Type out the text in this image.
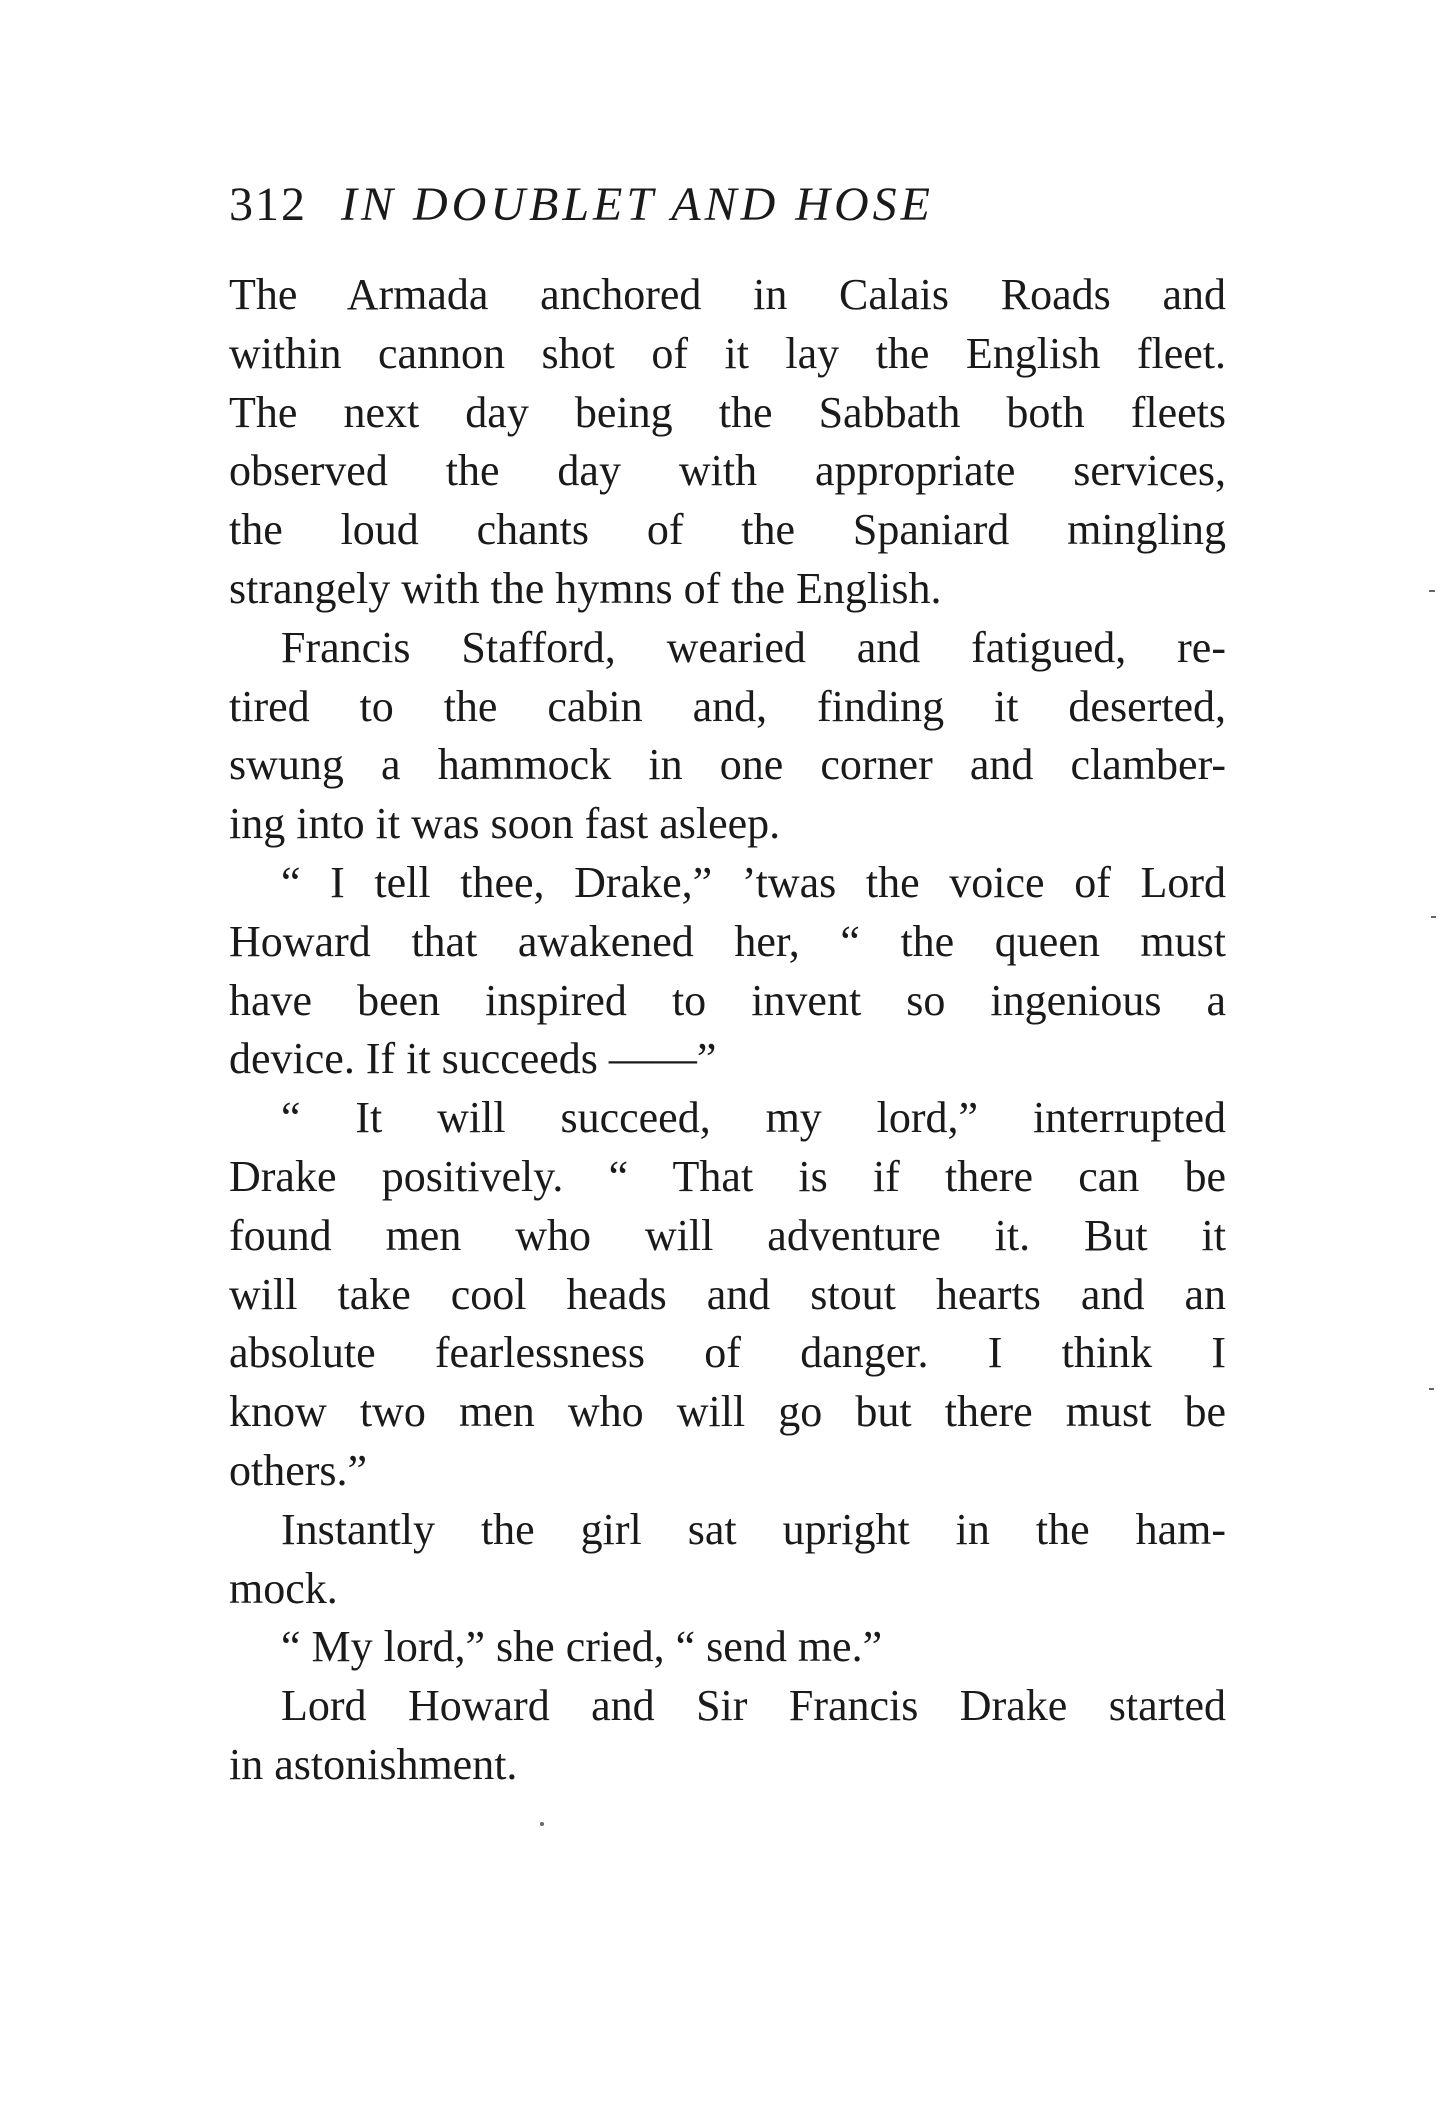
312 IN DOUBLET AND HOSE
The Armada anchored in Calais Roads and
within cannon shot of it lay the English fleet.
The next day being the Sabbath both fleets
observed the day with appropriate services,
the loud chants of the Spaniard mingling
strangely with the hymns of the English.
Francis Stafford, wearied and fatigued, re-
tired to the cabin and, finding it deserted,
swung a hammock in one corner and clamber-
ing into it was soon fast asleep.
“ I tell thee, Drake,” ’twas the voice of Lord
Howard that awakened her, “ the queen must
have been inspired to invent so ingenious a
device. If it succeeds ——”
“ It will succeed, my lord,” interrupted
Drake positively. “ That is if there can be
found men who will adventure it. But it
will take cool heads and stout hearts and an
absolute fearlessness of danger. I think I
know two men who will go but there must be
others.”
Instantly the girl sat upright in the ham-
mock.
“ My lord,” she cried, “ send me.”
Lord Howard and Sir Francis Drake started
in astonishment.
